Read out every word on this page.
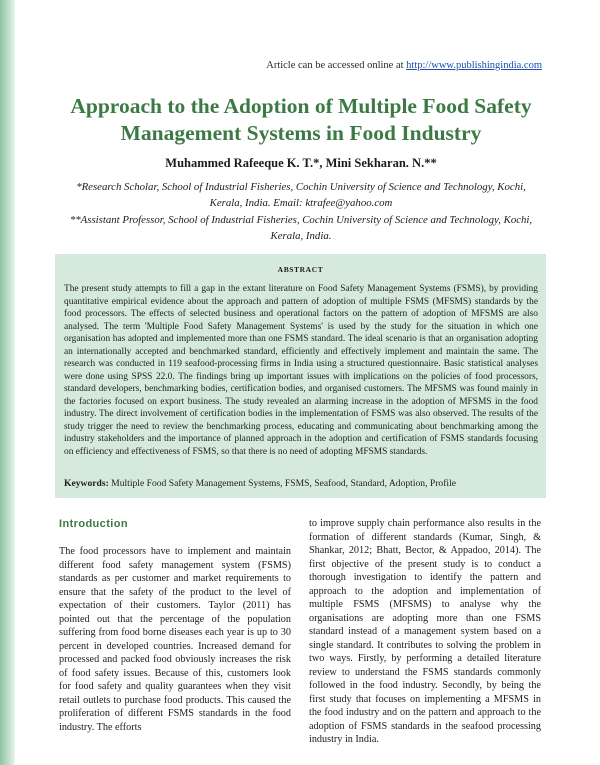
Article can be accessed online at http://www.publishingindia.com
Approach to the Adoption of Multiple Food Safety Management Systems in Food Industry
Muhammed Rafeeque K. T.*, Mini Sekharan. N.**
*Research Scholar, School of Industrial Fisheries, Cochin University of Science and Technology, Kochi, Kerala, India. Email: ktrafee@yahoo.com
**Assistant Professor, School of Industrial Fisheries, Cochin University of Science and Technology, Kochi, Kerala, India.
ABSTRACT

The present study attempts to fill a gap in the extant literature on Food Safety Management Systems (FSMS), by providing quantitative empirical evidence about the approach and pattern of adoption of multiple FSMS (MFSMS) standards by the food processors. The effects of selected business and operational factors on the pattern of adoption of MFSMS are also analysed. The term 'Multiple Food Safety Management Systems' is used by the study for the situation in which one organisation has adopted and implemented more than one FSMS standard. The ideal scenario is that an organisation adopting an internationally accepted and benchmarked standard, efficiently and effectively implement and maintain the same. The research was conducted in 119 seafood-processing firms in India using a structured questionnaire. Basic statistical analyses were done using SPSS 22.0. The findings bring up important issues with implications on the policies of food processors, standard developers, benchmarking bodies, certification bodies, and organised customers. The MFSMS was found mainly in the factories focused on export business. The study revealed an alarming increase in the adoption of MFSMS in the food industry. The direct involvement of certification bodies in the implementation of FSMS was also observed. The results of the study trigger the need to review the benchmarking process, educating and communicating about benchmarking among the industry stakeholders and the importance of planned approach in the adoption and certification of FSMS standards focusing on efficiency and effectiveness of FSMS, so that there is no need of adopting MFSMS standards.

Keywords: Multiple Food Safety Management Systems, FSMS, Seafood, Standard, Adoption, Profile
Introduction

The food processors have to implement and maintain different food safety management system (FSMS) standards as per customer and market requirements to ensure that the safety of the product to the level of expectation of their customers. Taylor (2011) has pointed out that the percentage of the population suffering from food borne diseases each year is up to 30 percent in developed countries. Increased demand for processed and packed food obviously increases the risk of food safety issues. Because of this, customers look for food safety and quality guarantees when they visit retail outlets to purchase food products. This caused the proliferation of different FSMS standards in the food industry. The efforts

to improve supply chain performance also results in the formation of different standards (Kumar, Singh, & Shankar, 2012; Bhatt, Bector, & Appadoo, 2014). The first objective of the present study is to conduct a thorough investigation to identify the pattern and approach to the adoption and implementation of multiple FSMS (MFSMS) to analyse why the organisations are adopting more than one FSMS standard instead of a management system based on a single standard. It contributes to solving the problem in two ways. Firstly, by performing a detailed literature review to understand the FSMS standards commonly followed in the food industry. Secondly, by being the first study that focuses on implementing a MFSMS in the food industry and on the pattern and approach to the adoption of FSMS standards in the seafood processing industry in India.
